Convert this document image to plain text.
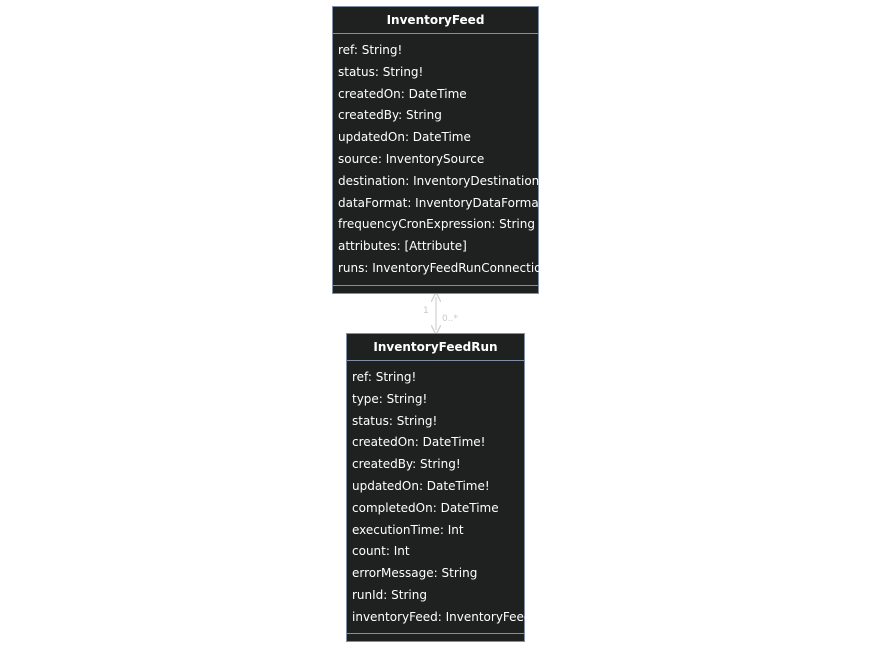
1
0..*
InventoryFeed
ref: String!
status: String!
createdOn: DateTime
createdBy: String
updatedOn: DateTime
source: InventorySource
destination: InventoryDestination
dataFormat: InventoryDataFormat
frequencyCronExpression: String
attributes: [Attribute]
runs: InventoryFeedRunConnection
InventoryFeedRun
ref: String!
type: String!
status: String!
createdOn: DateTime!
createdBy: String!
updatedOn: DateTime!
completedOn: DateTime
executionTime: Int
count: Int
errorMessage: String
runId: String
inventoryFeed: InventoryFeed
